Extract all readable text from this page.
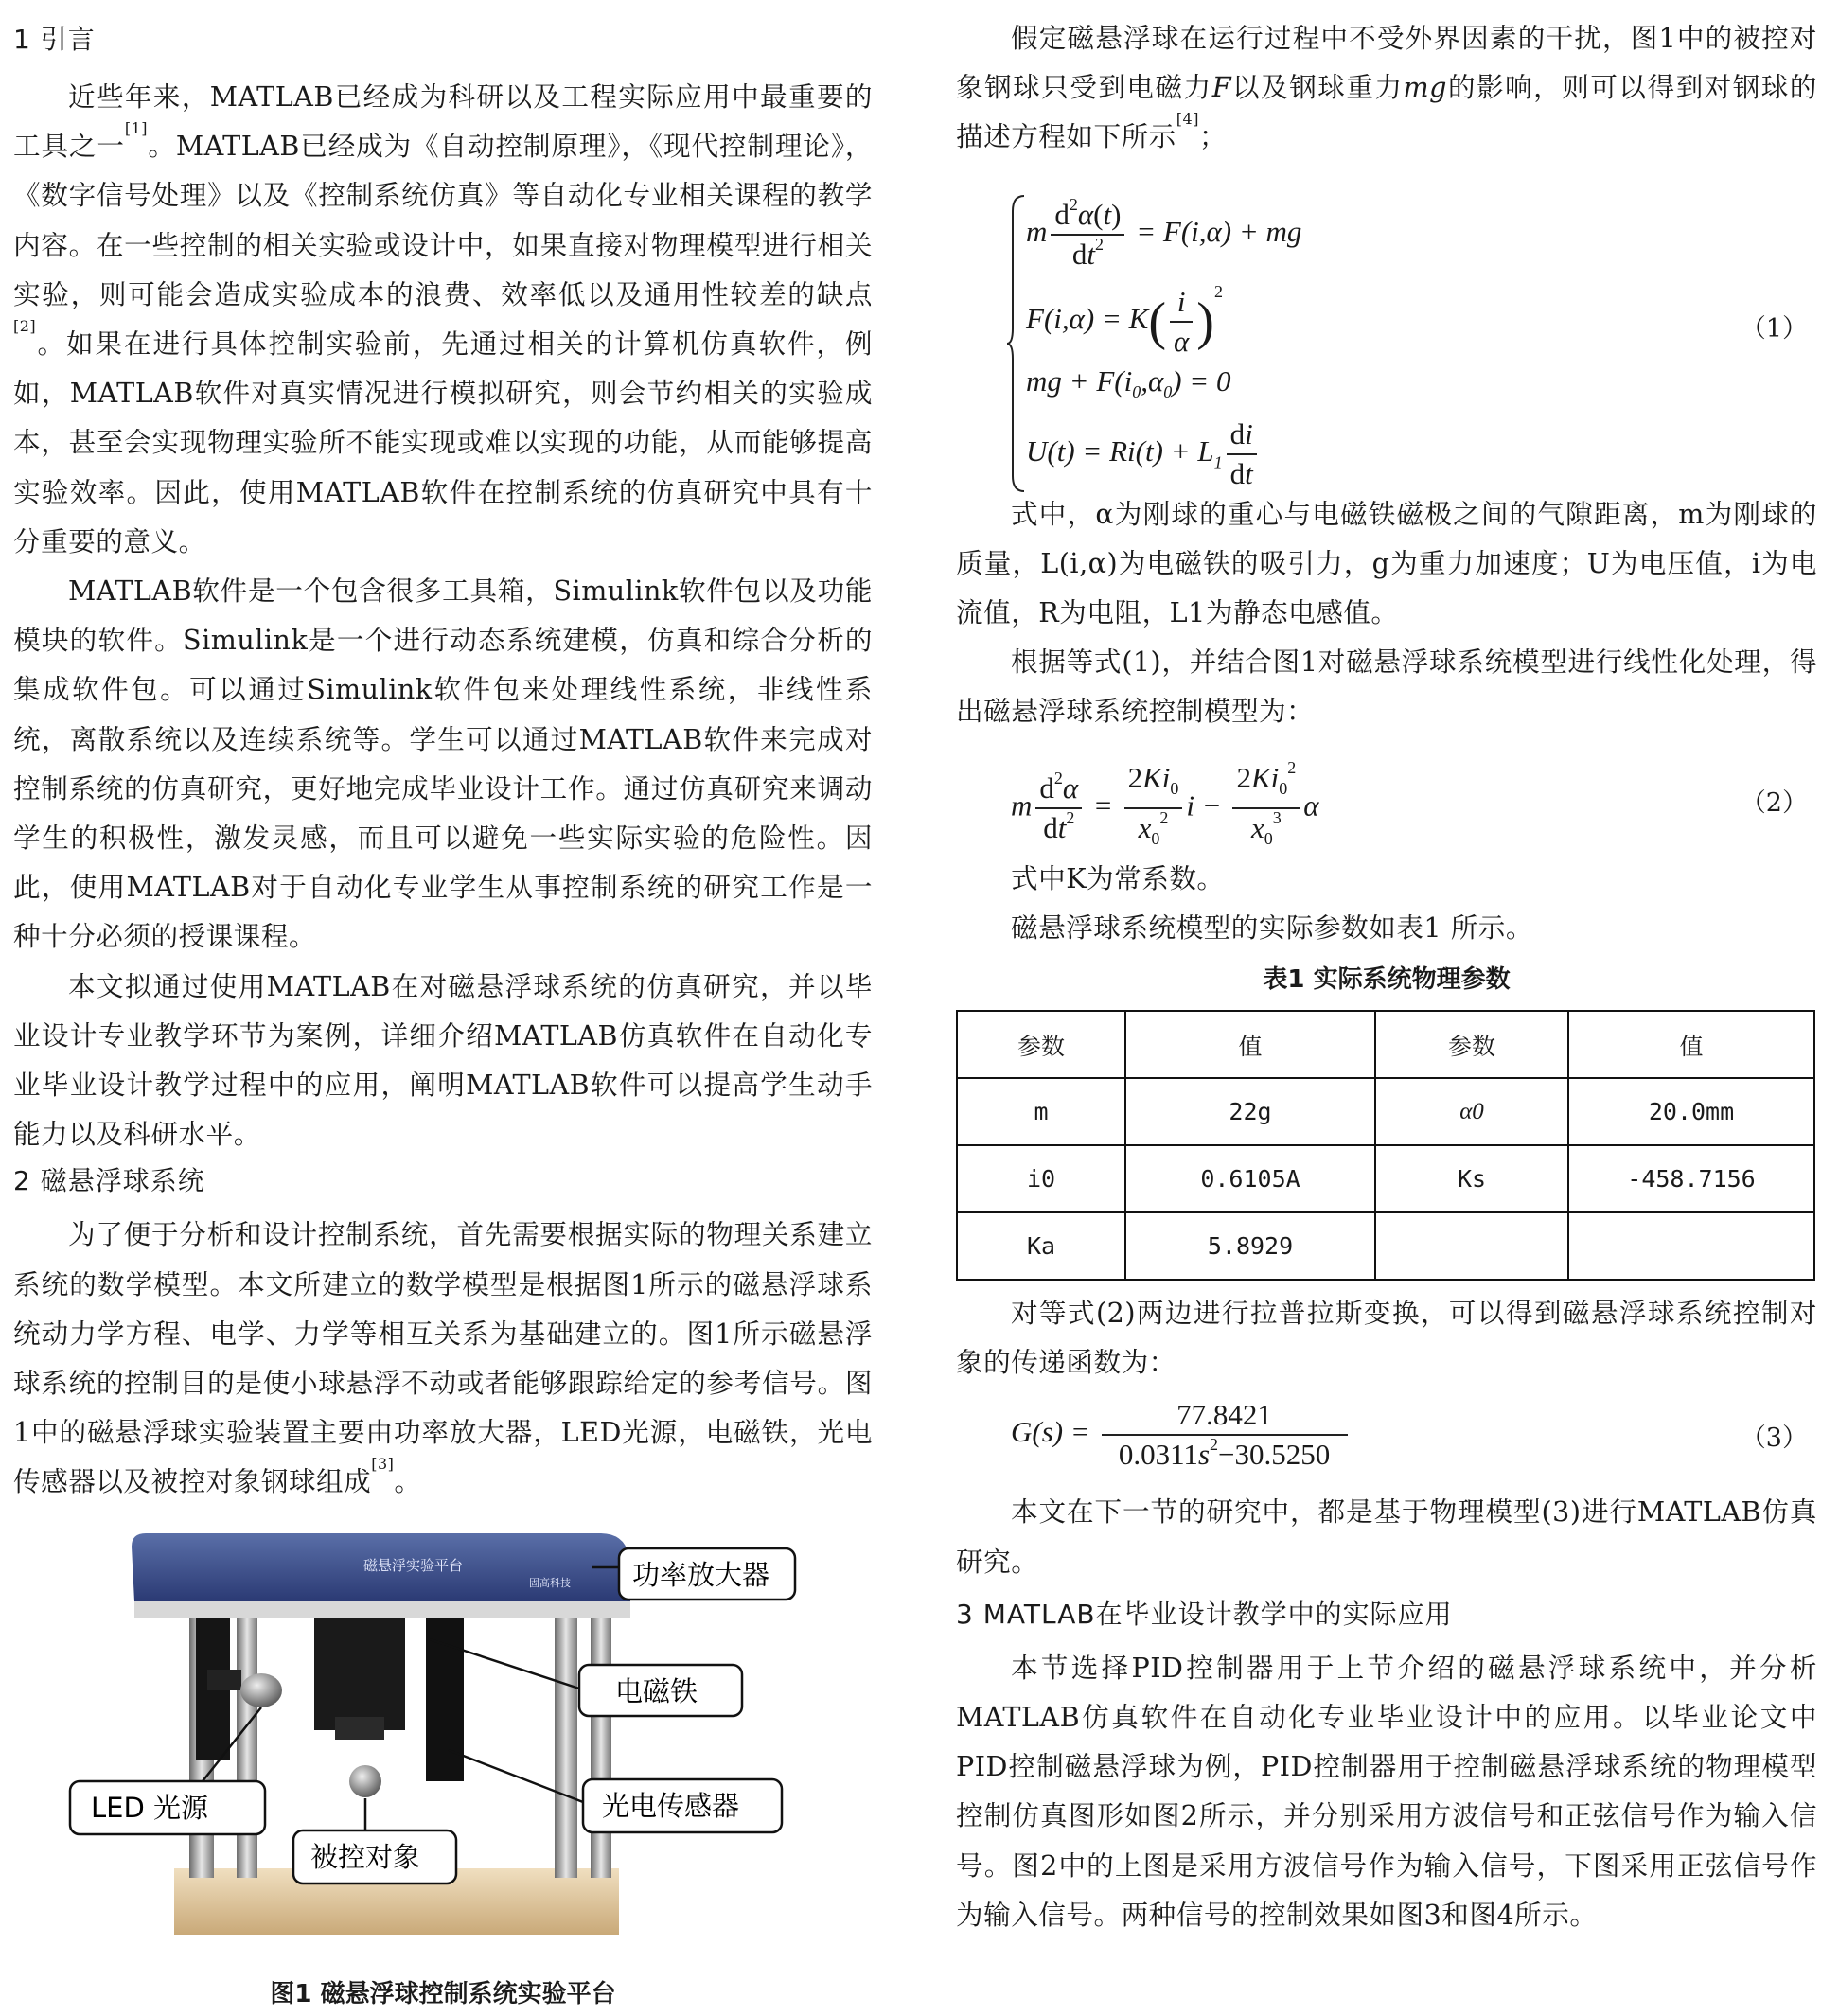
1 引言

近些年来，MATLAB已经成为科研以及工程实际应用中最重要的工具之一[1]。MATLAB已经成为《自动控制原理》，《现代控制理论》，《数字信号处理》以及《控制系统仿真》等自动化专业相关课程的教学内容。在一些控制的相关实验或设计中，如果直接对物理模型进行相关实验，则可能会造成实验成本的浪费、效率低以及通用性较差的缺点[2]。如果在进行具体控制实验前，先通过相关的计算机仿真软件，例如，MATLAB软件对真实情况进行模拟研究，则会节约相关的实验成本，甚至会实现物理实验所不能实现或难以实现的功能，从而能够提高实验效率。因此，使用MATLAB软件在控制系统的仿真研究中具有十分重要的意义。

MATLAB软件是一个包含很多工具箱，Simulink软件包以及功能模块的软件。Simulink是一个进行动态系统建模，仿真和综合分析的集成软件包。可以通过Simulink软件包来处理线性系统，非线性系统，离散系统以及连续系统等。学生可以通过MATLAB软件来完成对控制系统的仿真研究，更好地完成毕业设计工作。通过仿真研究来调动学生的积极性，激发灵感，而且可以避免一些实际实验的危险性。因此，使用MATLAB对于自动化专业学生从事控制系统的研究工作是一种十分必须的授课课程。

本文拟通过使用MATLAB在对磁悬浮球系统的仿真研究，并以毕业设计专业教学环节为案例，详细介绍MATLAB仿真软件在自动化专业毕业设计教学过程中的应用，阐明MATLAB软件可以提高学生动手能力以及科研水平。

2 磁悬浮球系统

为了便于分析和设计控制系统，首先需要根据实际的物理关系建立系统的数学模型。本文所建立的数学模型是根据图1所示的磁悬浮球系统动力学方程、电学、力学等相互关系为基础建立的。图1所示磁悬浮球系统的控制目的是使小球悬浮不动或者能够跟踪给定的参考信号。图1中的磁悬浮球实验装置主要由功率放大器，LED光源，电磁铁，光电传感器以及被控对象钢球组成[3]。

磁悬浮实验平台
固高科技 功率放大器
电磁铁
LED 光源
被控对象
光电传感器
图1 磁悬浮球控制系统实验平台

假定磁悬浮球在运行过程中不受外界因素的干扰，图1中的被控对象钢球只受到电磁力F以及钢球重力mg的影响，则可以得到对钢球的描述方程如下所示[4]；

m $\frac{d^2\alpha(t)}{dt^2} = F(i,\alpha)$ + mg
$F(i,\alpha) = K( \frac{i}{\alpha} )^2$
mg + $F(i_0,\alpha_0) = 0$
$U(t) = Ri(t) + L_1 \frac{di}{dt}$
（1）

式中，α为刚球的重心与电磁铁磁极之间的气隙距离，m为刚球的质量，L(i,α)为电磁铁的吸引力，g为重力加速度；U为电压值，i为电流值，R为电阻，L1为静态电感值。

根据等式(1)，并结合图1对磁悬浮球系统模型进行线性化处理，得出磁悬浮球系统控制模型为：

m $\frac{d^2\alpha}{dt^2} = \frac{2Ki_0}{x_0^2}$ $i - \frac{2Ki_0^2}{x_0^3}$ α	（2）

式中K为常系数。

磁悬浮球系统模型的实际参数如表1 所示。

表1 实际系统物理参数
参数	值	参数	值
m	22g	α0	20.0mm
i0	0.6105A	Ks	-458.7156
Ka	5.8929		

对等式(2)两边进行拉普拉斯变换，可以得到磁悬浮球系统控制对象的传递函数为：

$G(s) = \frac{77.8421}{0.0311s^2-30.5250}$	（3）

本文在下一节的研究中，都是基于物理模型(3)进行MATLAB仿真研究。

3 MATLAB在毕业设计教学中的实际应用

本节选择PID控制器用于上节介绍的磁悬浮球系统中，并分析MATLAB仿真软件在自动化专业毕业设计中的应用。以毕业论文中PID控制磁悬浮球为例，PID控制器用于控制磁悬浮球系统的物理模型控制仿真图形如图2所示，并分别采用方波信号和正弦信号作为输入信号。图2中的上图是采用方波信号作为输入信号，下图采用正弦信号作为输入信号。两种信号的控制效果如图3和图4所示。
